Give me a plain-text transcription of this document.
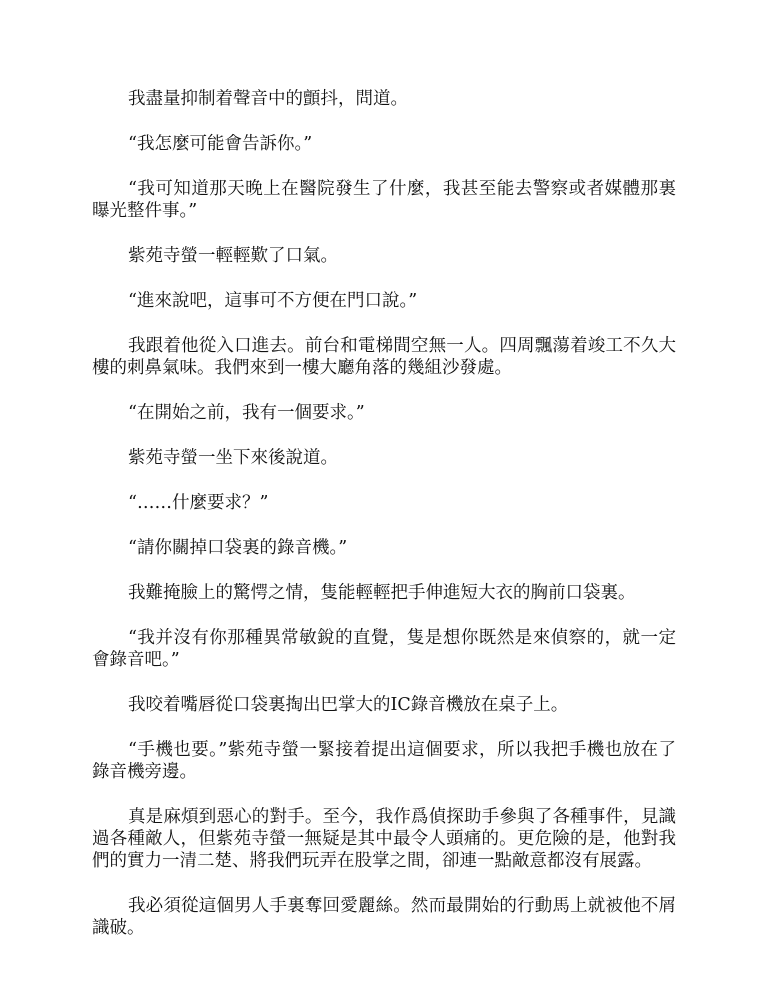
我盡量抑制着聲音中的顫抖，問道。

“我怎麼可能會告訴你。”

“我可知道那天晚上在醫院發生了什麼，我甚至能去警察或者媒體那裏曝光整件事。”

紫苑寺螢一輕輕歎了口氣。

“進來說吧，這事可不方便在門口說。”

我跟着他從入口進去。前台和電梯間空無一人。四周飄蕩着竣工不久大樓的刺鼻氣味。我們來到一樓大廳角落的幾組沙發處。

“在開始之前，我有一個要求。”

紫苑寺螢一坐下來後說道。

“……什麼要求？”

“請你關掉口袋裏的錄音機。”

我難掩臉上的驚愕之情，隻能輕輕把手伸進短大衣的胸前口袋裏。

“我并沒有你那種異常敏銳的直覺，隻是想你既然是來偵察的，就一定會錄音吧。”

我咬着嘴唇從口袋裏掏出巴掌大的IC錄音機放在桌子上。

“手機也要。”紫苑寺螢一緊接着提出這個要求，所以我把手機也放在了錄音機旁邊。

真是麻煩到惡心的對手。至今，我作爲偵探助手參與了各種事件，見識過各種敵人，但紫苑寺螢一無疑是其中最令人頭痛的。更危險的是，他對我們的實力一清二楚、將我們玩弄在股掌之間，卻連一點敵意都沒有展露。

我必須從這個男人手裏奪回愛麗絲。然而最開始的行動馬上就被他不屑識破。
